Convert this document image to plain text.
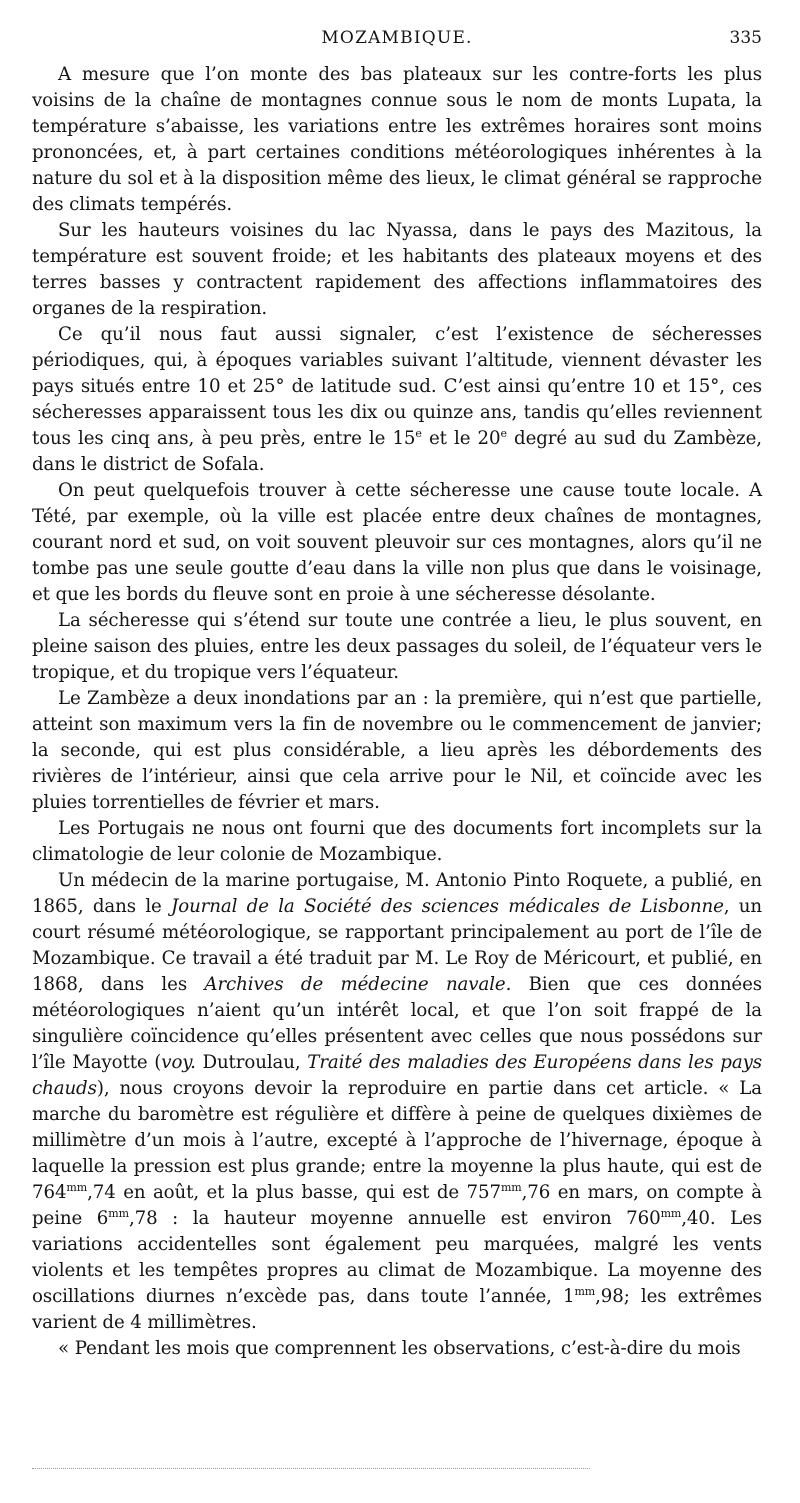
MOZAMBIQUE.	335

A mesure que l’on monte des bas plateaux sur les contre-forts les plus voisins de la chaîne de montagnes connue sous le nom de monts Lupata, la température s’abaisse, les variations entre les extrêmes horaires sont moins prononcées, et, à part certaines conditions météorologiques inhérentes à la nature du sol et à la disposition même des lieux, le climat général se rapproche des climats tempérés.

Sur les hauteurs voisines du lac Nyassa, dans le pays des Mazitous, la température est souvent froide; et les habitants des plateaux moyens et des terres basses y contractent rapidement des affections inflammatoires des organes de la respiration.

Ce qu’il nous faut aussi signaler, c’est l’existence de sécheresses périodiques, qui, à époques variables suivant l’altitude, viennent dévaster les pays situés entre 10 et 25° de latitude sud. C’est ainsi qu’entre 10 et 15°, ces sécheresses apparaissent tous les dix ou quinze ans, tandis qu’elles reviennent tous les cinq ans, à peu près, entre le 15e et le 20e degré au sud du Zambèze, dans le district de Sofala.

On peut quelquefois trouver à cette sécheresse une cause toute locale. A Tété, par exemple, où la ville est placée entre deux chaînes de montagnes, courant nord et sud, on voit souvent pleuvoir sur ces montagnes, alors qu’il ne tombe pas une seule goutte d’eau dans la ville non plus que dans le voisinage, et que les bords du fleuve sont en proie à une sécheresse désolante.

La sécheresse qui s’étend sur toute une contrée a lieu, le plus souvent, en pleine saison des pluies, entre les deux passages du soleil, de l’équateur vers le tropique, et du tropique vers l’équateur.

Le Zambèze a deux inondations par an : la première, qui n’est que partielle, atteint son maximum vers la fin de novembre ou le commencement de janvier; la seconde, qui est plus considérable, a lieu après les débordements des rivières de l’intérieur, ainsi que cela arrive pour le Nil, et coïncide avec les pluies torrentielles de février et mars.

Les Portugais ne nous ont fourni que des documents fort incomplets sur la climatologie de leur colonie de Mozambique.

Un médecin de la marine portugaise, M. Antonio Pinto Roquete, a publié, en 1865, dans le Journal de la Société des sciences médicales de Lisbonne, un court résumé météorologique, se rapportant principalement au port de l’île de Mozambique. Ce travail a été traduit par M. Le Roy de Méricourt, et publié, en 1868, dans les Archives de médecine navale. Bien que ces données météorologiques n’aient qu’un intérêt local, et que l’on soit frappé de la singulière coïncidence qu’elles présentent avec celles que nous possédons sur l’île Mayotte (voy. Dutroulau, Traité des maladies des Européens dans les pays chauds), nous croyons devoir la reproduire en partie dans cet article. « La marche du baromètre est régulière et diffère à peine de quelques dixièmes de millimètre d’un mois à l’autre, excepté à l’approche de l’hivernage, époque à laquelle la pression est plus grande; entre la moyenne la plus haute, qui est de $764^{mm},74$ en août, et la plus basse, qui est de $757^{mm},76$ en mars, on compte à peine $6^{mm},78$ : la hauteur moyenne annuelle est environ $760^{mm},40$. Les variations accidentelles sont également peu marquées, malgré les vents violents et les tempêtes propres au climat de Mozambique. La moyenne des oscillations diurnes n’excède pas, dans toute l’année, $1^{mm},98$; les extrêmes varient de 4 millimètres.

« Pendant les mois que comprennent les observations, c’est-à-dire du mois
